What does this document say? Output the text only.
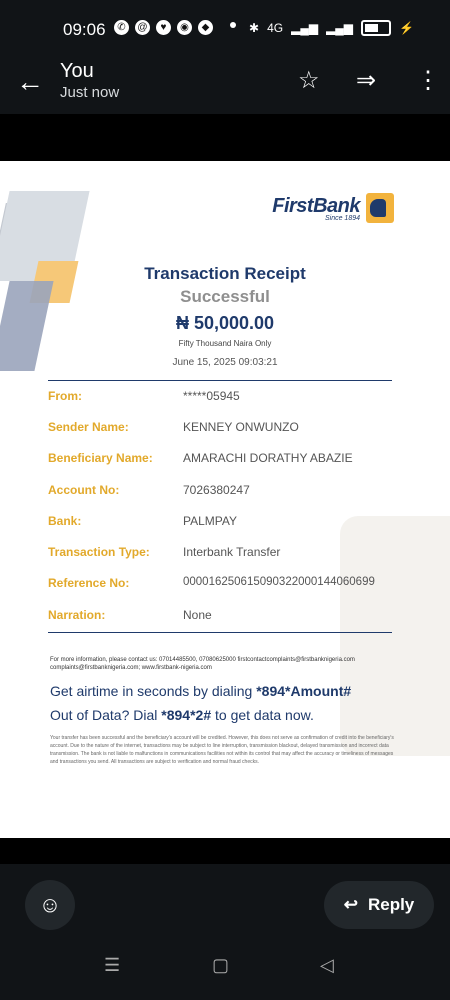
09:06	✆	@	♥	◉	◆	✱ 4G ▂▄▆ ▂▄▆	⚡
← You
Just now	☆ ⇒ ⋮
FirstBank
Since 1894
Transaction Receipt
Successful
₦ 50,000.00
Fifty Thousand Naira Only
June 15, 2025 09:03:21
From:	*****05945
Sender Name:	KENNEY ONWUNZO
Beneficiary Name:	AMARACHI DORATHY ABAZIE
Account No:	7026380247
Bank:	PALMPAY
Transaction Type:	Interbank Transfer
Reference No:	000016250615090322000144060699
Narration:	None
For more information, please contact us: 07014485500, 07080625000 firstcontactcomplaints@firstbanknigeria.com complaints@firstbanknigeria.com; www.firstbank-nigeria.com
Get airtime in seconds by dialing *894*Amount#
Out of Data? Dial *894*2# to get data now.
Your transfer has been successful and the beneficiary's account will be credited. However, this does not serve as confirmation of credit into the beneficiary's account. Due to the nature of the internet, transactions may be subject to line interruption, transmission blackout, delayed transmission and incorrect data transmission. The bank is not liable to malfunctions in communications facilities not within its control that may affect the accuracy or timeliness of messages and transactions you send. All transactions are subject to verification and normal fraud checks.
☺	↩ Reply
☰	▢	◁
